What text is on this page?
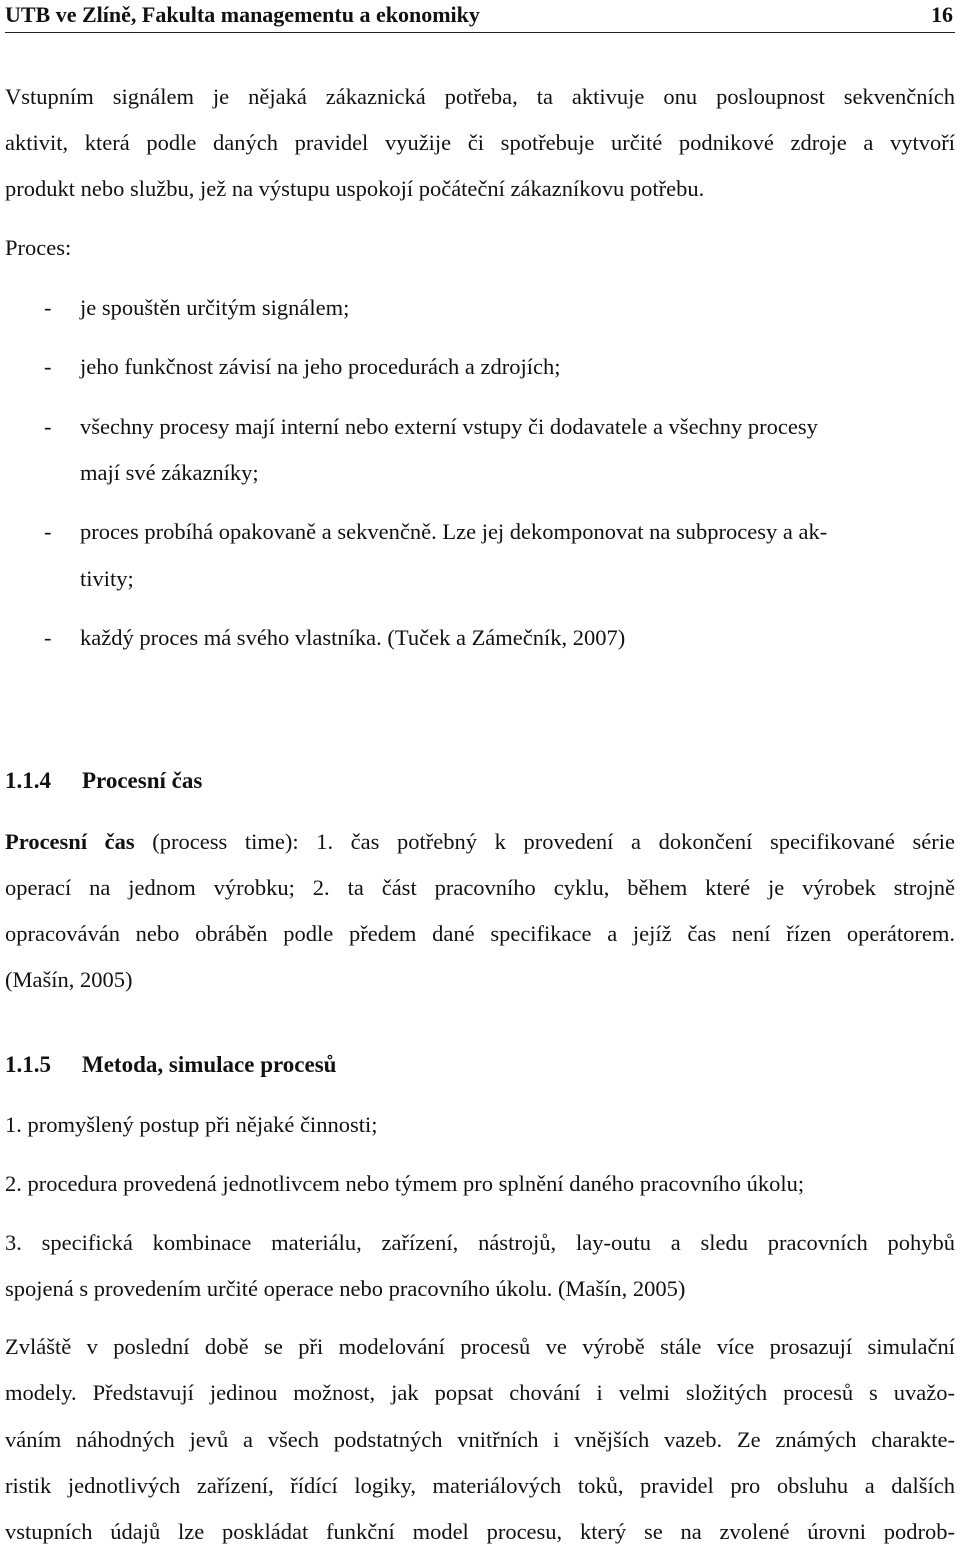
UTB ve Zlíně, Fakulta managementu a ekonomiky	16
Vstupním signálem je nějaká zákaznická potřeba, ta aktivuje onu posloupnost sekvenčních
aktivit, která podle daných pravidel využije či spotřebuje určité podnikové zdroje a vytvoří
produkt nebo službu, jež na výstupu uspokojí počáteční zákazníkovu potřebu.
Proces:
- je spouštěn určitým signálem;
- jeho funkčnost závisí na jeho procedurách a zdrojích;
- všechny procesy mají interní nebo externí vstupy či dodavatele a všechny procesy
mají své zákazníky;
- proces probíhá opakovaně a sekvenčně. Lze jej dekomponovat na subprocesy a ak-
tivity;
- každý proces má svého vlastníka. (Tuček a Zámečník, 2007)
1.1.4 Procesní čas
Procesní čas (process time): 1. čas potřebný k provedení a dokončení specifikované série
operací na jednom výrobku; 2. ta část pracovního cyklu, během které je výrobek strojně
opracováván nebo obráběn podle předem dané specifikace a jejíž čas není řízen operátorem.
(Mašín, 2005)
1.1.5 Metoda, simulace procesů
1. promyšlený postup při nějaké činnosti;
2. procedura provedená jednotlivcem nebo týmem pro splnění daného pracovního úkolu;
3. specifická kombinace materiálu, zařízení, nástrojů, lay-outu a sledu pracovních pohybů
spojená s provedením určité operace nebo pracovního úkolu. (Mašín, 2005)
Zvláště v poslední době se při modelování procesů ve výrobě stále více prosazují simulační
modely. Představují jedinou možnost, jak popsat chování i velmi složitých procesů s uvažo-
váním náhodných jevů a všech podstatných vnitřních i vnějších vazeb. Ze známých charakte-
ristik jednotlivých zařízení, řídící logiky, materiálových toků, pravidel pro obsluhu a dalších
vstupních údajů lze poskládat funkční model procesu, který se na zvolené úrovni podrob-
